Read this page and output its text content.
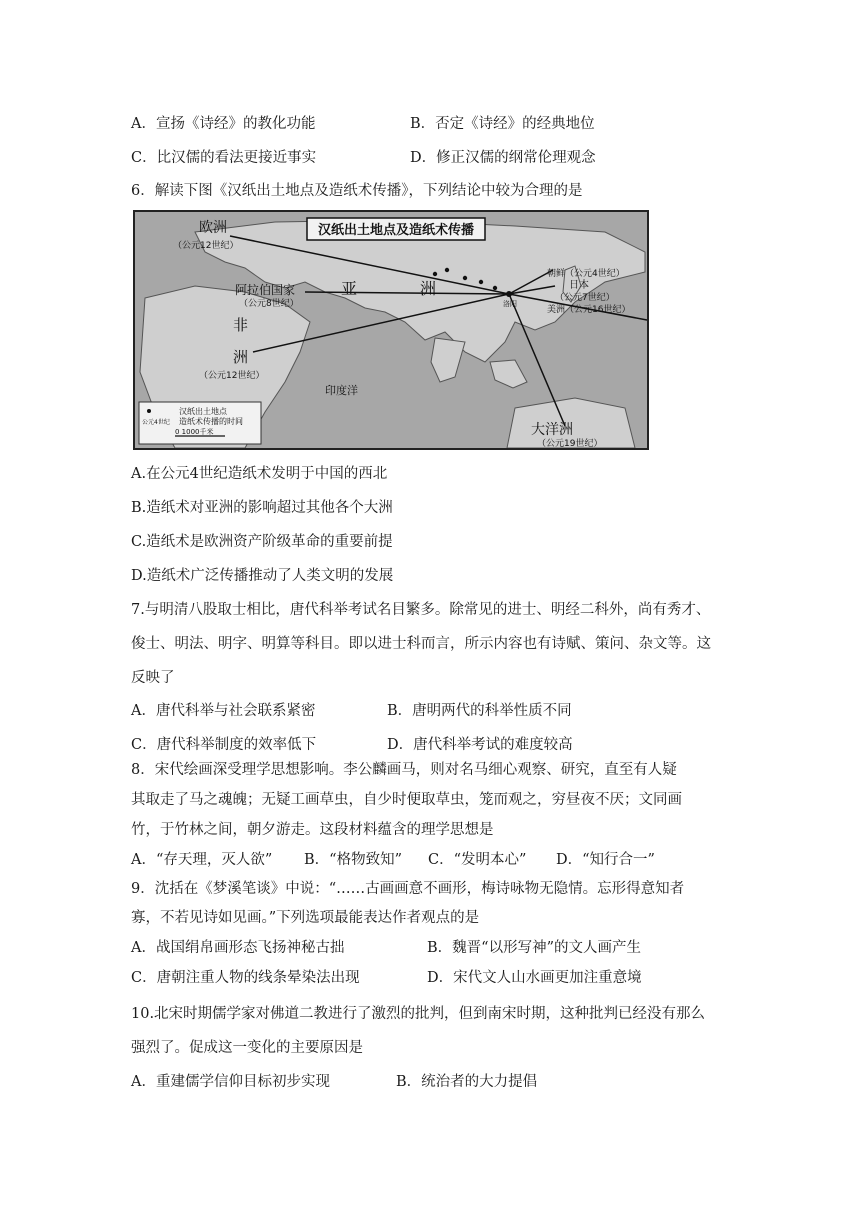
A．宣扬《诗经》的教化功能	B．否定《诗经》的经典地位
C．比汉儒的看法更接近事实	D．修正汉儒的纲常伦理观念
6．解读下图《汉纸出土地点及造纸术传播》，下列结论中较为合理的是
汉纸出土地点及造纸术传播
洛阳
欧洲
（公元12世纪）
阿拉伯国家
（公元8世纪）
亚	洲
非
洲
（公元12世纪）
朝鲜（公元4世纪）
日本
（公元7世纪）
美洲（公元16世纪）
印度洋
大洋洲
（公元19世纪）
汉纸出土地点
公元4世纪 造纸术传播的时间
0 1000千米
A.在公元4世纪造纸术发明于中国的西北
B.造纸术对亚洲的影响超过其他各个大洲
C.造纸术是欧洲资产阶级革命的重要前提
D.造纸术广泛传播推动了人类文明的发展
7.与明清八股取士相比，唐代科举考试名目繁多。除常见的进士、明经二科外，尚有秀才、
俊士、明法、明字、明算等科目。即以进士科而言，所示内容也有诗赋、策问、杂文等。这
反映了
A．唐代科举与社会联系紧密	B．唐明两代的科举性质不同
C．唐代科举制度的效率低下	D．唐代科举考试的难度较高
8．宋代绘画深受理学思想影响。李公麟画马，则对名马细心观察、研究，直至有人疑
其取走了马之魂魄；无疑工画草虫，自少时便取草虫，笼而观之，穷昼夜不厌；文同画
竹，于竹林之间，朝夕游走。这段材料蕴含的理学思想是
A．“存天理，灭人欲” B．“格物致知” C．“发明本心” D．“知行合一”
9．沈括在《梦溪笔谈》中说：“……古画画意不画形，梅诗咏物无隐情。忘形得意知者
寡，不若见诗如见画。”下列选项最能表达作者观点的是
A．战国绢帛画形态飞扬神秘古拙	B．魏晋“以形写神”的文人画产生
C．唐朝注重人物的线条晕染法出现	D．宋代文人山水画更加注重意境
10.北宋时期儒学家对佛道二教进行了激烈的批判，但到南宋时期，这种批判已经没有那么
强烈了。促成这一变化的主要原因是
A．重建儒学信仰目标初步实现	B．统治者的大力提倡
